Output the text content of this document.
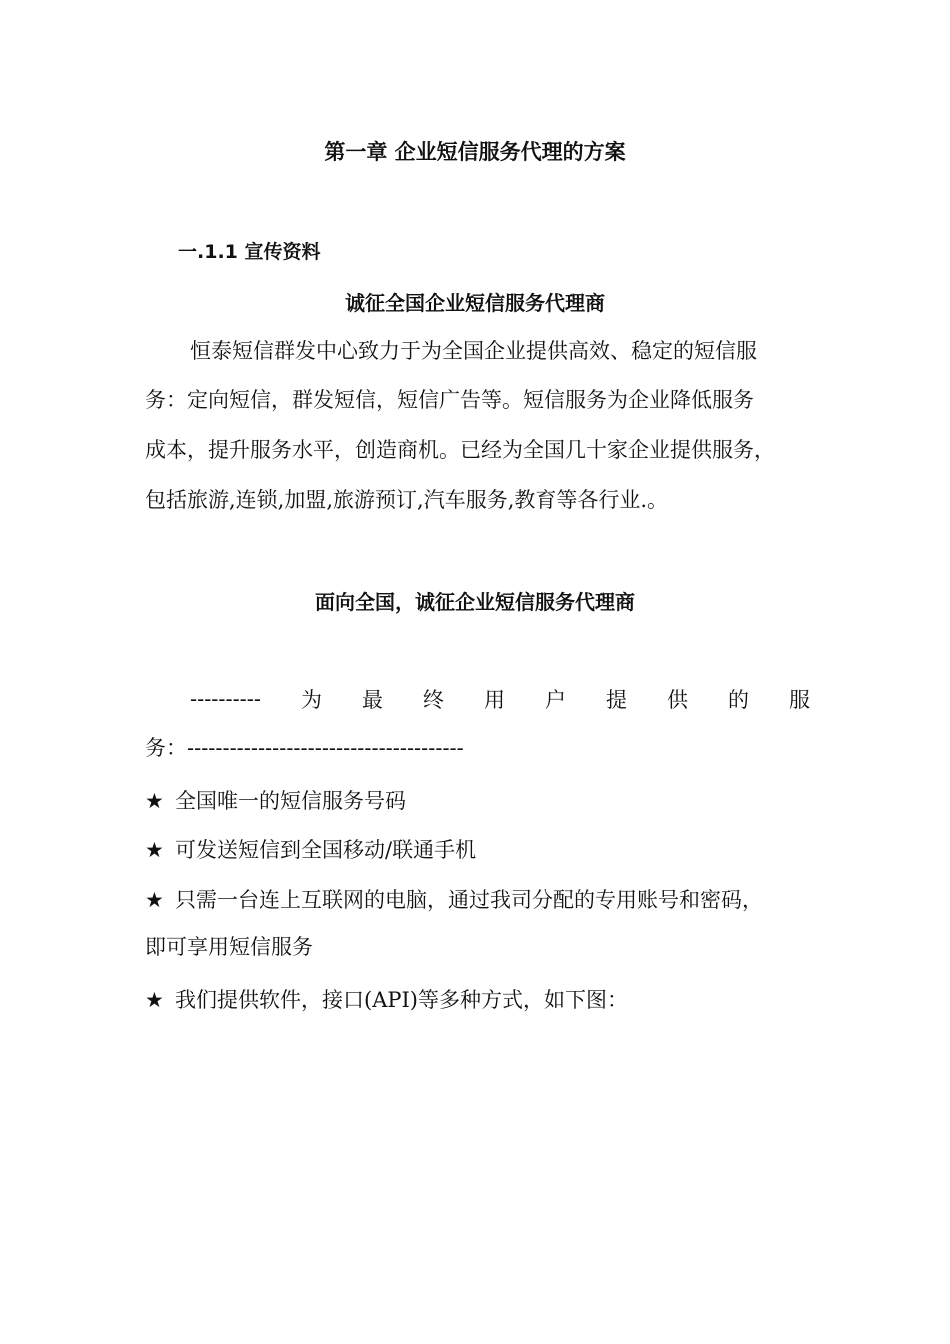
第一章 企业短信服务代理的方案
一.1.1 宣传资料
诚征全国企业短信服务代理商
恒泰短信群发中心致力于为全国企业提供高效、稳定的短信服
务：定向短信，群发短信，短信广告等。短信服务为企业降低服务
成本，提升服务水平，创造商机。已经为全国几十家企业提供服务，
包括旅游,连锁,加盟,旅游预订,汽车服务,教育等各行业.。
面向全国，诚征企业短信服务代理商
---------- 为 最 终 用 户 提 供 的 服
务：---------------------------------------
★ 全国唯一的短信服务号码
★ 可发送短信到全国移动/联通手机
★ 只需一台连上互联网的电脑，通过我司分配的专用账号和密码，
即可享用短信服务
★ 我们提供软件，接口(API)等多种方式，如下图：
